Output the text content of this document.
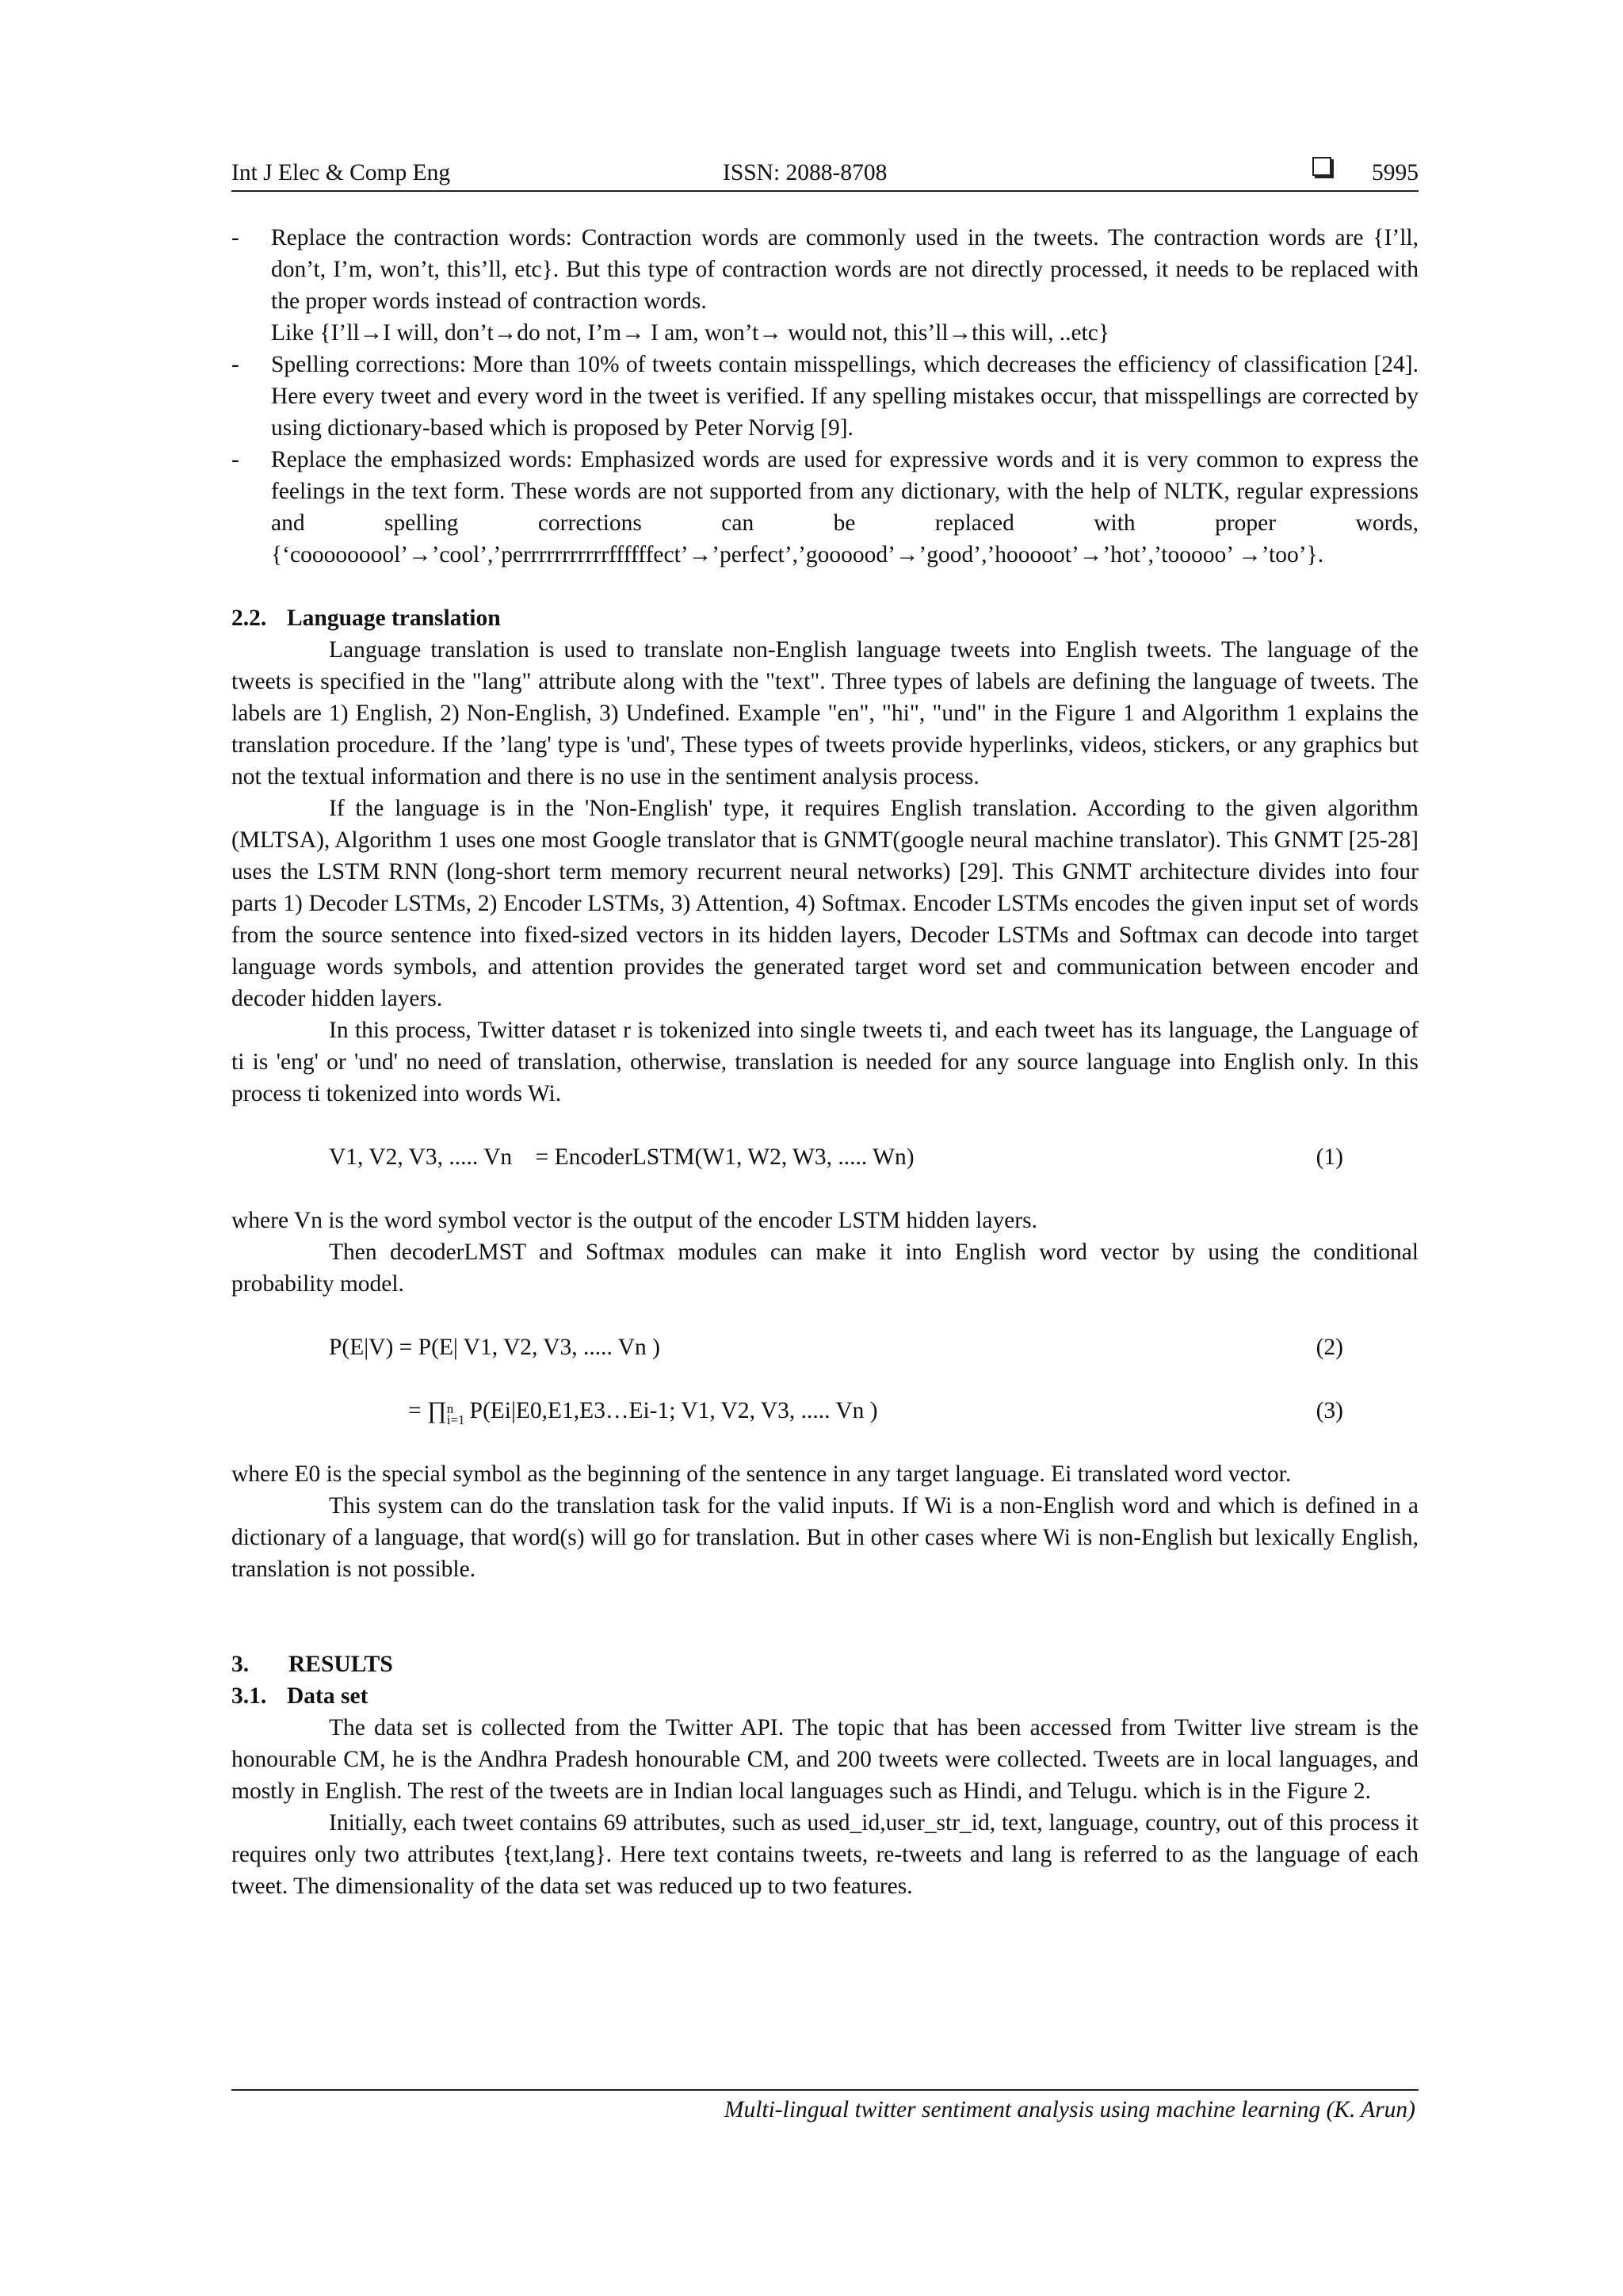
Int J Elec & Comp Eng	ISSN: 2088-8708	5995
- Replace the contraction words: Contraction words are commonly used in the tweets. The contraction words are {I’ll, don’t, I’m, won’t, this’ll, etc}. But this type of contraction words are not directly processed, it needs to be replaced with the proper words instead of contraction words.
Like {I’ll→I will, don’t→do not, I’m→ I am, won’t→ would not, this’ll→this will, ..etc}
- Spelling corrections: More than 10% of tweets contain misspellings, which decreases the efficiency of classification [24]. Here every tweet and every word in the tweet is verified. If any spelling mistakes occur, that misspellings are corrected by using dictionary-based which is proposed by Peter Norvig [9].
- Replace the emphasized words: Emphasized words are used for expressive words and it is very common to express the feelings in the text form. These words are not supported from any dictionary, with the help of NLTK, regular expressions and spelling corrections can be replaced with proper words, {‘cooooooool’→’cool’,’perrrrrrrrrrrffffffect’→’perfect’,’goooood’→’good’,’hooooot’→’hot’,’tooooo’ →’too’}.

2.2. Language translation

Language translation is used to translate non-English language tweets into English tweets. The language of the tweets is specified in the "lang" attribute along with the "text". Three types of labels are defining the language of tweets. The labels are 1) English, 2) Non-English, 3) Undefined. Example "en", "hi", "und" in the Figure 1 and Algorithm 1 explains the translation procedure. If the ’lang' type is 'und', These types of tweets provide hyperlinks, videos, stickers, or any graphics but not the textual information and there is no use in the sentiment analysis process.

If the language is in the 'Non-English' type, it requires English translation. According to the given algorithm (MLTSA), Algorithm 1 uses one most Google translator that is GNMT(google neural machine translator). This GNMT [25-28] uses the LSTM RNN (long-short term memory recurrent neural networks) [29]. This GNMT architecture divides into four parts 1) Decoder LSTMs, 2) Encoder LSTMs, 3) Attention, 4) Softmax. Encoder LSTMs encodes the given input set of words from the source sentence into fixed-sized vectors in its hidden layers, Decoder LSTMs and Softmax can decode into target language words symbols, and attention provides the generated target word set and communication between encoder and decoder hidden layers.

In this process, Twitter dataset r is tokenized into single tweets ti, and each tweet has its language, the Language of ti is 'eng' or 'und' no need of translation, otherwise, translation is needed for any source language into English only. In this process ti tokenized into words Wi.

V1, V2, V3, ..... Vn = EncoderLSTM(W1, W2, W3, ..... Wn)	(1)

where Vn is the word symbol vector is the output of the encoder LSTM hidden layers.

Then decoderLMST and Softmax modules can make it into English word vector by using the conditional probability model.

P(E|V) = P(E| V1, V2, V3, ..... Vn )	(2)
= ∏ n
i=1 P(Ei|E0,E1,E3…Ei-1; V1, V2, V3, ..... Vn )	(3)

where E0 is the special symbol as the beginning of the sentence in any target language. Ei translated word vector.

This system can do the translation task for the valid inputs. If Wi is a non-English word and which is defined in a dictionary of a language, that word(s) will go for translation. But in other cases where Wi is non-English but lexically English, translation is not possible.

3. RESULTS

3.1. Data set

The data set is collected from the Twitter API. The topic that has been accessed from Twitter live stream is the honourable CM, he is the Andhra Pradesh honourable CM, and 200 tweets were collected. Tweets are in local languages, and mostly in English. The rest of the tweets are in Indian local languages such as Hindi, and Telugu. which is in the Figure 2.

Initially, each tweet contains 69 attributes, such as used_id,user_str_id, text, language, country, out of this process it requires only two attributes {text,lang}. Here text contains tweets, re-tweets and lang is referred to as the language of each tweet. The dimensionality of the data set was reduced up to two features.

Multi-lingual twitter sentiment analysis using machine learning (K. Arun)
